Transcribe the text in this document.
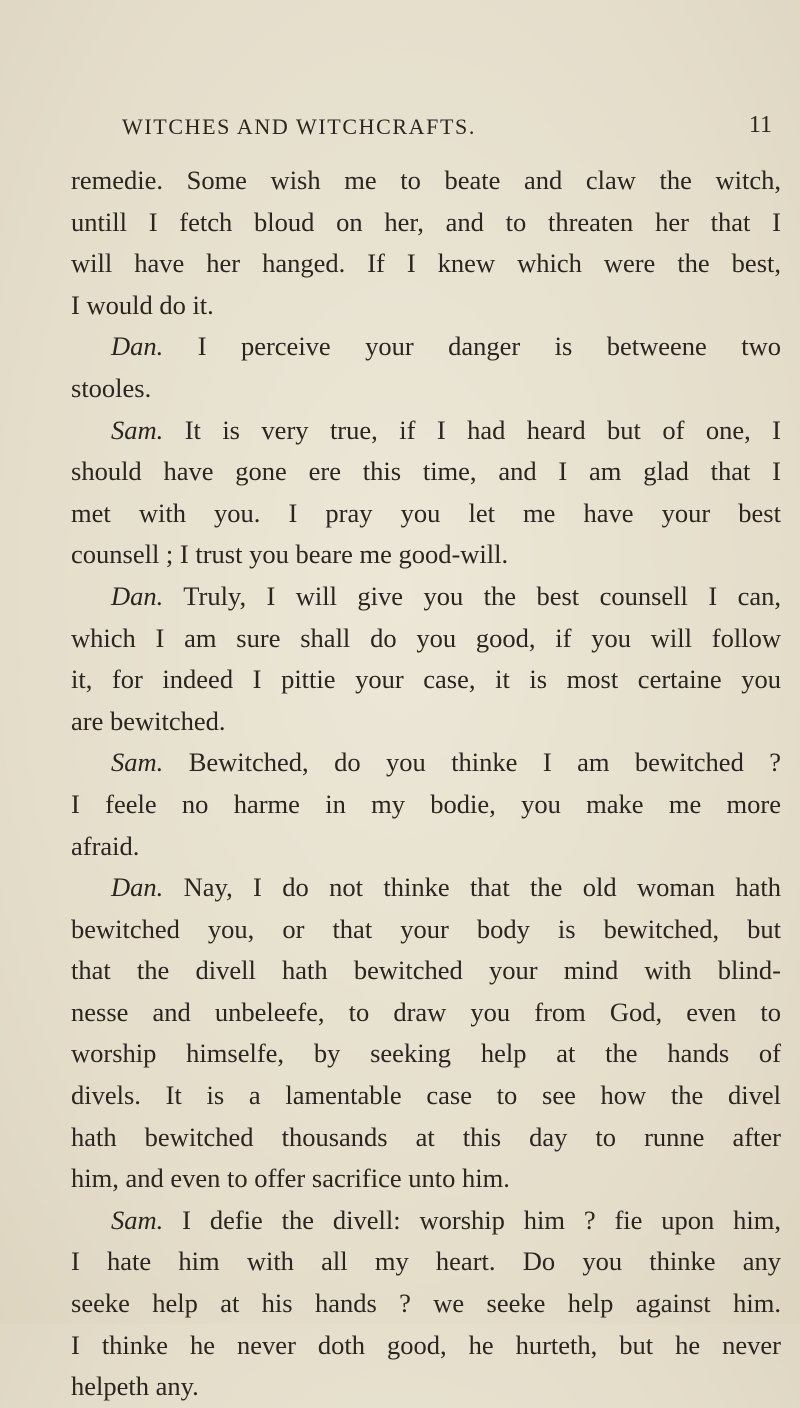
WITCHES AND WITCHCRAFTS.	11
remedie. Some wish me to beate and claw the witch,
untill I fetch bloud on her, and to threaten her that I
will have her hanged. If I knew which were the best,
I would do it.
Dan. I perceive your danger is betweene two
stooles.
Sam. It is very true, if I had heard but of one, I
should have gone ere this time, and I am glad that I
met with you. I pray you let me have your best
counsell ; I trust you beare me good-will.
Dan. Truly, I will give you the best counsell I can,
which I am sure shall do you good, if you will follow
it, for indeed I pittie your case, it is most certaine you
are bewitched.
Sam. Bewitched, do you thinke I am bewitched ?
I feele no harme in my bodie, you make me more
afraid.
Dan. Nay, I do not thinke that the old woman hath
bewitched you, or that your body is bewitched, but
that the divell hath bewitched your mind with blind-
nesse and unbeleefe, to draw you from God, even to
worship himselfe, by seeking help at the hands of
divels. It is a lamentable case to see how the divel
hath bewitched thousands at this day to runne after
him, and even to offer sacrifice unto him.
Sam. I defie the divell: worship him ? fie upon him,
I hate him with all my heart. Do you thinke any
seeke help at his hands ? we seeke help against him.
I thinke he never doth good, he hurteth, but he never
helpeth any.
